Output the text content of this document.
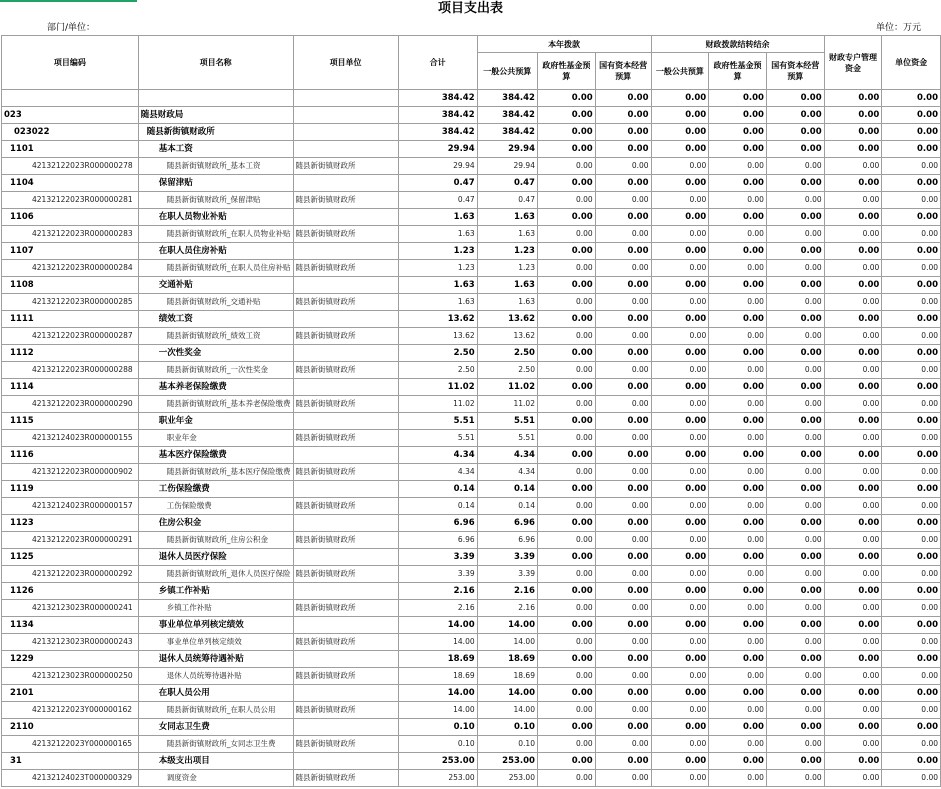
项目支出表
部门/单位：	单位：万元
项目编码	项目名称	项目单位	合计	本年拨款			财政拨款结转结余			财政专户管理资金	单位资金
				一般公共预算	政府性基金预算	国有资本经营预算	一般公共预算	政府性基金预算	国有资本经营预算		
			384.42	384.42	0.00	0.00	0.00	0.00	0.00	0.00	0.00
023	随县财政局		384.42	384.42	0.00	0.00	0.00	0.00	0.00	0.00	0.00
023022	随县新街镇财政所		384.42	384.42	0.00	0.00	0.00	0.00	0.00	0.00	0.00
1101	基本工资		29.94	29.94	0.00	0.00	0.00	0.00	0.00	0.00	0.00
42132122023R000000278	随县新街镇财政所_基本工资	随县新街镇财政所	29.94	29.94	0.00	0.00	0.00	0.00	0.00	0.00	0.00
1104	保留津贴		0.47	0.47	0.00	0.00	0.00	0.00	0.00	0.00	0.00
42132122023R000000281	随县新街镇财政所_保留津贴	随县新街镇财政所	0.47	0.47	0.00	0.00	0.00	0.00	0.00	0.00	0.00
1106	在职人员物业补贴		1.63	1.63	0.00	0.00	0.00	0.00	0.00	0.00	0.00
42132122023R000000283	随县新街镇财政所_在职人员物业补贴	随县新街镇财政所	1.63	1.63	0.00	0.00	0.00	0.00	0.00	0.00	0.00
1107	在职人员住房补贴		1.23	1.23	0.00	0.00	0.00	0.00	0.00	0.00	0.00
42132122023R000000284	随县新街镇财政所_在职人员住房补贴	随县新街镇财政所	1.23	1.23	0.00	0.00	0.00	0.00	0.00	0.00	0.00
1108	交通补贴		1.63	1.63	0.00	0.00	0.00	0.00	0.00	0.00	0.00
42132122023R000000285	随县新街镇财政所_交通补贴	随县新街镇财政所	1.63	1.63	0.00	0.00	0.00	0.00	0.00	0.00	0.00
1111	绩效工资		13.62	13.62	0.00	0.00	0.00	0.00	0.00	0.00	0.00
42132122023R000000287	随县新街镇财政所_绩效工资	随县新街镇财政所	13.62	13.62	0.00	0.00	0.00	0.00	0.00	0.00	0.00
1112	一次性奖金		2.50	2.50	0.00	0.00	0.00	0.00	0.00	0.00	0.00
42132122023R000000288	随县新街镇财政所_一次性奖金	随县新街镇财政所	2.50	2.50	0.00	0.00	0.00	0.00	0.00	0.00	0.00
1114	基本养老保险缴费		11.02	11.02	0.00	0.00	0.00	0.00	0.00	0.00	0.00
42132122023R000000290	随县新街镇财政所_基本养老保险缴费	随县新街镇财政所	11.02	11.02	0.00	0.00	0.00	0.00	0.00	0.00	0.00
1115	职业年金		5.51	5.51	0.00	0.00	0.00	0.00	0.00	0.00	0.00
42132124023R000000155	职业年金	随县新街镇财政所	5.51	5.51	0.00	0.00	0.00	0.00	0.00	0.00	0.00
1116	基本医疗保险缴费		4.34	4.34	0.00	0.00	0.00	0.00	0.00	0.00	0.00
42132122023R000000902	随县新街镇财政所_基本医疗保险缴费	随县新街镇财政所	4.34	4.34	0.00	0.00	0.00	0.00	0.00	0.00	0.00
1119	工伤保险缴费		0.14	0.14	0.00	0.00	0.00	0.00	0.00	0.00	0.00
42132124023R000000157	工伤保险缴费	随县新街镇财政所	0.14	0.14	0.00	0.00	0.00	0.00	0.00	0.00	0.00
1123	住房公积金		6.96	6.96	0.00	0.00	0.00	0.00	0.00	0.00	0.00
42132122023R000000291	随县新街镇财政所_住房公积金	随县新街镇财政所	6.96	6.96	0.00	0.00	0.00	0.00	0.00	0.00	0.00
1125	退休人员医疗保险		3.39	3.39	0.00	0.00	0.00	0.00	0.00	0.00	0.00
42132122023R000000292	随县新街镇财政所_退休人员医疗保险	随县新街镇财政所	3.39	3.39	0.00	0.00	0.00	0.00	0.00	0.00	0.00
1126	乡镇工作补贴		2.16	2.16	0.00	0.00	0.00	0.00	0.00	0.00	0.00
42132123023R000000241	乡镇工作补贴	随县新街镇财政所	2.16	2.16	0.00	0.00	0.00	0.00	0.00	0.00	0.00
1134	事业单位单列核定绩效		14.00	14.00	0.00	0.00	0.00	0.00	0.00	0.00	0.00
42132123023R000000243	事业单位单列核定绩效	随县新街镇财政所	14.00	14.00	0.00	0.00	0.00	0.00	0.00	0.00	0.00
1229	退休人员统筹待遇补贴		18.69	18.69	0.00	0.00	0.00	0.00	0.00	0.00	0.00
42132123023R000000250	退休人员统筹待遇补贴	随县新街镇财政所	18.69	18.69	0.00	0.00	0.00	0.00	0.00	0.00	0.00
2101	在职人员公用		14.00	14.00	0.00	0.00	0.00	0.00	0.00	0.00	0.00
42132122023Y000000162	随县新街镇财政所_在职人员公用	随县新街镇财政所	14.00	14.00	0.00	0.00	0.00	0.00	0.00	0.00	0.00
2110	女同志卫生费		0.10	0.10	0.00	0.00	0.00	0.00	0.00	0.00	0.00
42132122023Y000000165	随县新街镇财政所_女同志卫生费	随县新街镇财政所	0.10	0.10	0.00	0.00	0.00	0.00	0.00	0.00	0.00
31	本级支出项目		253.00	253.00	0.00	0.00	0.00	0.00	0.00	0.00	0.00
42132124023T000000329	调度资金	随县新街镇财政所	253.00	253.00	0.00	0.00	0.00	0.00	0.00	0.00	0.00
